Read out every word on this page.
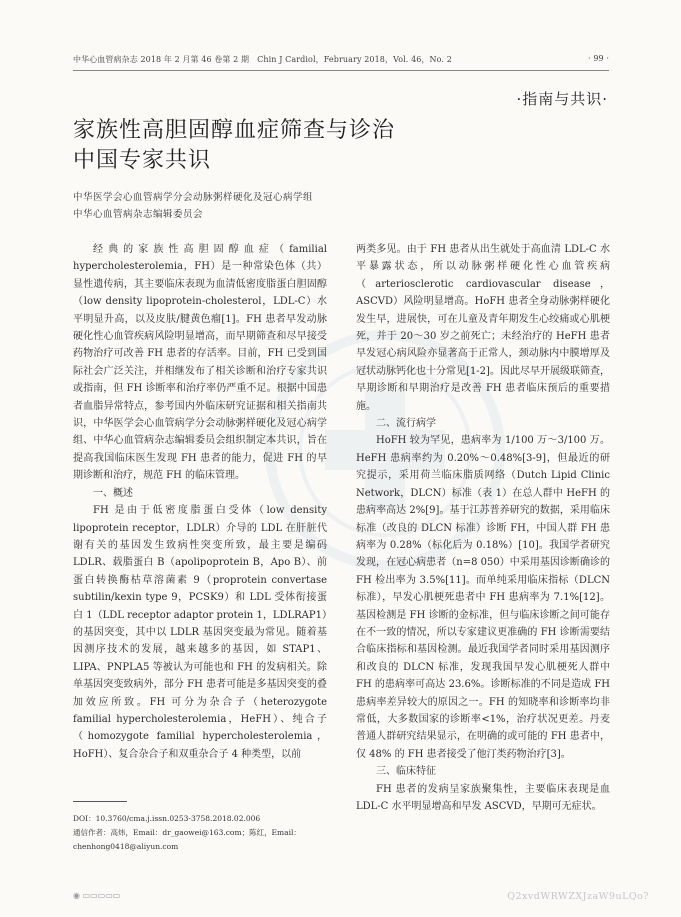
中华心血管病杂志 2018 年 2 月第 46 卷第 2 期　Chin J Cardiol，February 2018，Vol. 46，No. 2	· 99 ·
·指南与共识·
家族性高胆固醇血症筛查与诊治
中国专家共识
中华医学会心血管病学分会动脉粥样硬化及冠心病学组
中华心血管病杂志编辑委员会

经典的家族性高胆固醇血症（familial hypercholesterolemia，FH）是一种常染色体（共）显性遗传病，其主要临床表现为血清低密度脂蛋白胆固醇（low density lipoprotein-cholesterol，LDL-C）水平明显升高，以及皮肤/腱黄色瘤[1]。FH 患者早发动脉硬化性心血管疾病风险明显增高，而早期筛查和尽早接受药物治疗可改善 FH 患者的存活率。目前，FH 已受到国际社会广泛关注，并相继发布了相关诊断和治疗专家共识或指南，但 FH 诊断率和治疗率仍严重不足。根据中国患者血脂异常特点，参考国内外临床研究证据和相关指南共识，中华医学会心血管病学分会动脉粥样硬化及冠心病学组、中华心血管病杂志编辑委员会组织制定本共识，旨在提高我国临床医生发现 FH 患者的能力，促进 FH 的早期诊断和治疗，规范 FH 的临床管理。

一、概述

FH 是由于低密度脂蛋白受体（low density lipoprotein receptor，LDLR）介导的 LDL 在肝脏代谢有关的基因发生致病性突变所致，最主要是编码 LDLR、载脂蛋白 B（apolipoprotein B，Apo B）、前蛋白转换酶枯草溶菌素 9（proprotein convertase subtilin/kexin type 9，PCSK9）和 LDL 受体衔接蛋白 1（LDL receptor adaptor protein 1，LDLRAP1）的基因突变，其中以 LDLR 基因突变最为常见。随着基因测序技术的发展，越来越多的基因，如 STAP1、LIPA、PNPLA5 等被认为可能也和 FH 的发病相关。除单基因突变致病外，部分 FH 患者可能是多基因突变的叠加效应所致。FH 可分为杂合子（heterozygote familial hypercholesterolemia，HeFH）、纯合子（homozygote familial hypercholesterolemia，HoFH）、复合杂合子和双重杂合子 4 种类型，以前

两类多见。由于 FH 患者从出生就处于高血清 LDL-C 水平暴露状态，所以动脉粥样硬化性心血管疾病（arteriosclerotic cardiovascular disease，ASCVD）风险明显增高。HoFH 患者全身动脉粥样硬化发生早，进展快，可在儿童及青年期发生心绞痛或心肌梗死，并于 20～30 岁之前死亡；未经治疗的 HeFH 患者早发冠心病风险亦显著高于正常人，颈动脉内中膜增厚及冠状动脉钙化也十分常见[1-2]。因此尽早开展级联筛查，早期诊断和早期治疗是改善 FH 患者临床预后的重要措施。

二、流行病学

HoFH 较为罕见，患病率为 1/100 万～3/100 万。HeFH 患病率约为 0.20%～0.48%[3-9]，但最近的研究提示，采用荷兰临床脂质网络（Dutch Lipid Clinic Network，DLCN）标准（表 1）在总人群中 HeFH 的患病率高达 2%[9]。基于江苏普养研究的数据，采用临床标准（改良的 DLCN 标准）诊断 FH，中国人群 FH 患病率为 0.28%（标化后为 0.18%）[10]。我国学者研究发现，在冠心病患者（n=8 050）中采用基因诊断确诊的 FH 检出率为 3.5%[11]。而单纯采用临床指标（DLCN 标准），早发心肌梗死患者中 FH 患病率为 7.1%[12]。基因检测是 FH 诊断的金标准，但与临床诊断之间可能存在不一致的情况，所以专家建议更准确的 FH 诊断需要结合临床指标和基因检测。最近我国学者同时采用基因测序和改良的 DLCN 标准，发现我国早发心肌梗死人群中 FH 的患病率可高达 23.6%。诊断标准的不同是造成 FH 患病率差异较大的原因之一。FH 的知晓率和诊断率均非常低，大多数国家的诊断率<1%，治疗状况更差。丹麦普通人群研究结果显示，在明确的或可能的 FH 患者中，仅 48% 的 FH 患者接受了他汀类药物治疗[3]。

三、临床特征

FH 患者的发病呈家族聚集性，主要临床表现是血 LDL-C 水平明显增高和早发 ASCVD，早期可无症状。

DOI：10.3760/cma.j.issn.0253-3758.2018.02.006
通信作者：高炜，Email：dr_gaowei@163.com；陈红，Email：
chenhong0418@aliyun.com
◉ ▭▭▭▭▭	Q2xvdWRWZXJzaW9uLQo?
